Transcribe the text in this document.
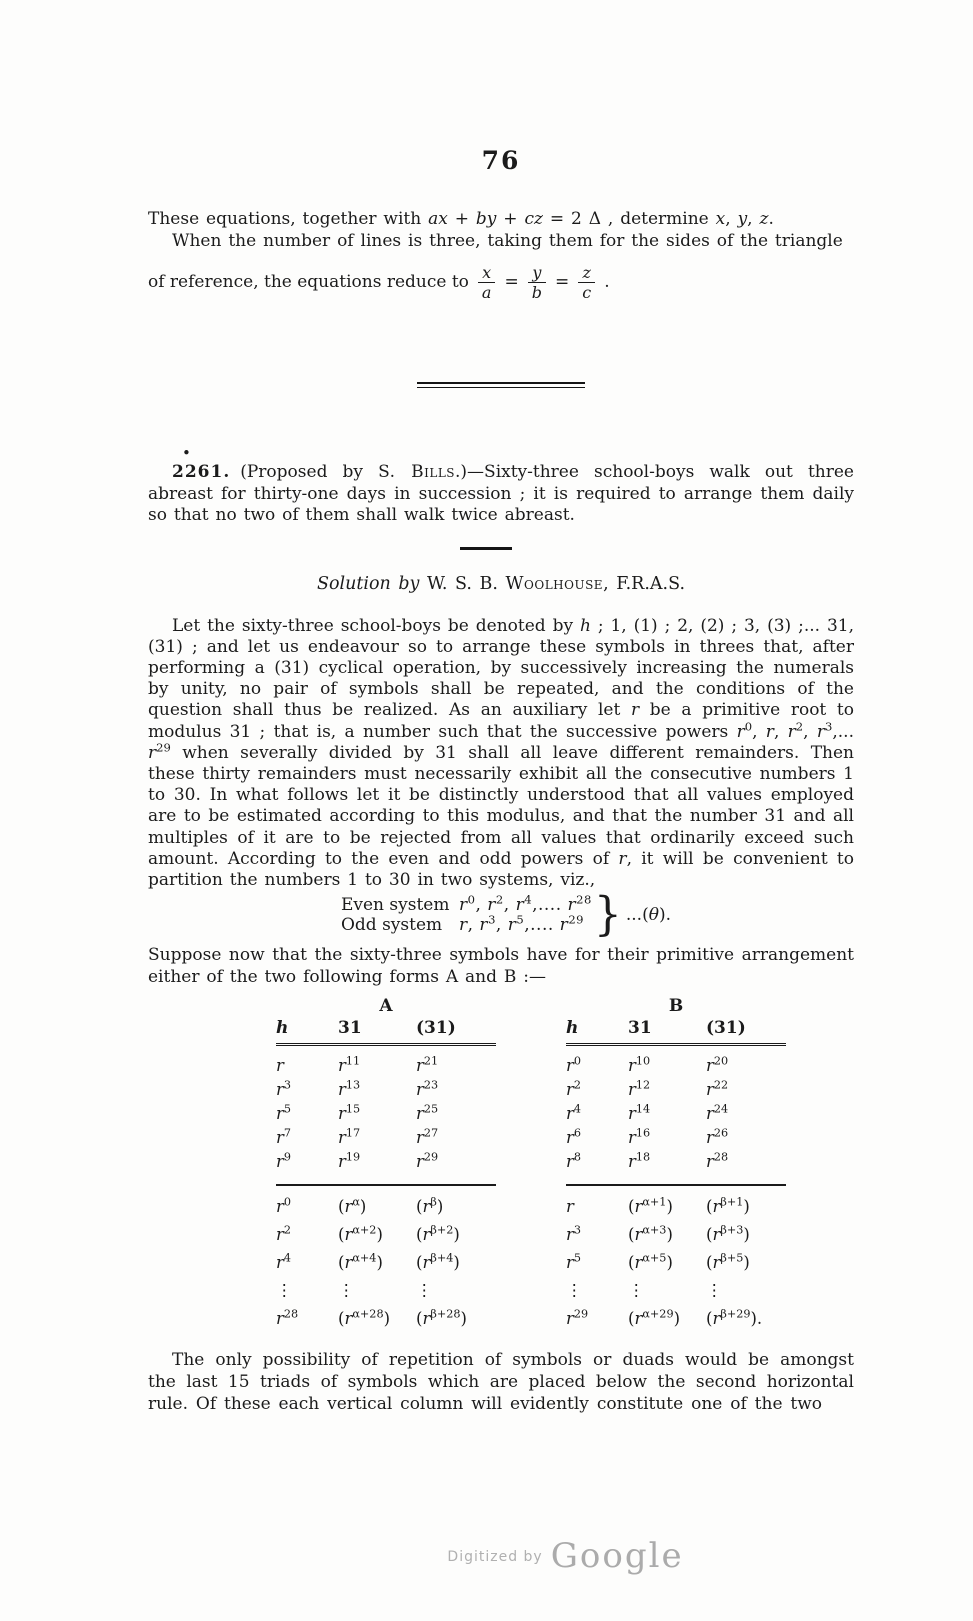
76

These equations, together with ax + by + cz = 2 Δ , determine x, y, z.

When the number of lines is three, taking them for the sides of the triangle

of reference, the equations reduce to $\frac{x}{a} = \frac{y}{b} = \frac{z}{c}$ .
•

2261. (Proposed by S. Bills.)—Sixty-three school-boys walk out three abreast for thirty-one days in succession ; it is required to arrange them daily so that no two of them shall walk twice abreast.

Solution by W. S. B. Woolhouse, F.R.A.S.

Let the sixty-three school-boys be denoted by h ; 1, (1) ; 2, (2) ; 3, (3) ;... 31, (31) ; and let us endeavour so to arrange these symbols in threes that, after performing a (31) cyclical operation, by successively increasing the numerals by unity, no pair of symbols shall be repeated, and the conditions of the question shall thus be realized. As an auxiliary let r be a primitive root to modulus 31 ; that is, a number such that the successive powers $r^0$, r, $r^2$, $r^3$,... $r^{29}$ when severally divided by 31 shall all leave different remainders. Then these thirty remainders must necessarily exhibit all the consecutive numbers 1 to 30. In what follows let it be distinctly understood that all values employed are to be estimated according to this modulus, and that the number 31 and all multiples of it are to be rejected from all values that ordinarily exceed such amount. According to the even and odd powers of r, it will be convenient to partition the numbers 1 to 30 in two systems, viz.,

Even system $r^0$, $r^2$, $r^4$,.... $r^{28}$
Odd system r, $r^3$, $r^5$,.... $r^{29}$ } ...(θ).

Suppose now that the sixty-three symbols have for their primitive arrangement either of the two following forms A and B :—

A
h	31	(31)
r	$r^{11}$	$r^{21}$
$r^3$	$r^{13}$	$r^{23}$
$r^5$	$r^{15}$	$r^{25}$
$r^7$	$r^{17}$	$r^{27}$
$r^9$	$r^{19}$	$r^{29}$
$r^0$	$(r^\alpha)$	$(r^\beta)$
$r^2$	$(r^{\alpha+2})$	$(r^{\beta+2})$
$r^4$	$(r^{\alpha+4})$	$(r^{\beta+4})$
⋮	⋮	⋮
$r^{28}$	$(r^{\alpha+28})$	$(r^{\beta+28})$
B
h	31	(31)
$r^0$	$r^{10}$	$r^{20}$
$r^2$	$r^{12}$	$r^{22}$
$r^4$	$r^{14}$	$r^{24}$
$r^6$	$r^{16}$	$r^{26}$
$r^8$	$r^{18}$	$r^{28}$
r	$(r^{\alpha+1})$	$(r^{\beta+1})$
$r^3$	$(r^{\alpha+3})$	$(r^{\beta+3})$
$r^5$	$(r^{\alpha+5})$	$(r^{\beta+5})$
⋮	⋮	⋮
$r^{29}$	$(r^{\alpha+29})$	$(r^{\beta+29})$.

The only possibility of repetition of symbols or duads would be amongst the last 15 triads of symbols which are placed below the second horizontal rule. Of these each vertical column will evidently constitute one of the two

Digitized by Google
